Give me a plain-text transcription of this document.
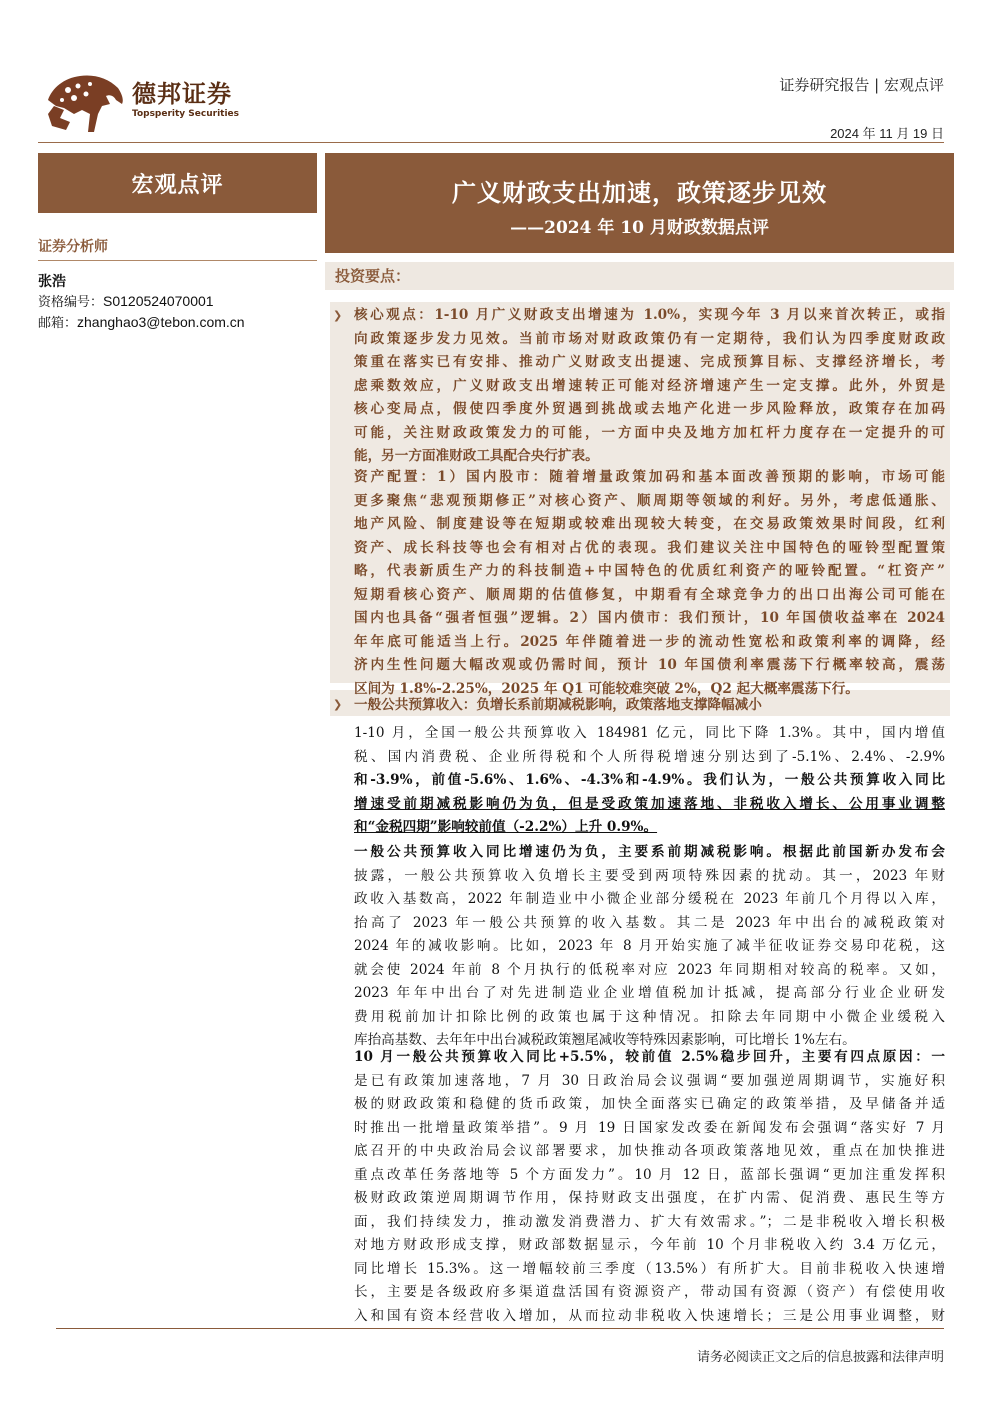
德邦证券
Topsperity Securities
证券研究报告 | 宏观点评
2024 年 11 月 19 日
宏观点评	广义财政支出加速，政策逐步见效
——2024 年 10 月财政数据点评
证券分析师
张浩
资格编号：S0120524070001
邮箱：zhanghao3@tebon.com.cn
投资要点：
❯ 核心观点：1-10 月广义财政支出增速为 1.0%，实现今年 3 月以来首次转正，或指
向政策逐步发力见效。当前市场对财政政策仍有一定期待，我们认为四季度财政政
策重在落实已有安排、推动广义财政支出提速、完成预算目标、支撑经济增长，考
虑乘数效应，广义财政支出增速转正可能对经济增速产生一定支撑。此外，外贸是
核心变局点，假使四季度外贸遇到挑战或去地产化进一步风险释放，政策存在加码
可能，关注财政政策发力的可能，一方面中央及地方加杠杆力度存在一定提升的可
能，另一方面准财政工具配合央行扩表。
资产配置：1）国内股市：随着增量政策加码和基本面改善预期的影响，市场可能
更多聚焦“悲观预期修正”对核心资产、顺周期等领域的利好。另外，考虑低通胀、
地产风险、制度建设等在短期或较难出现较大转变，在交易政策效果时间段，红利
资产、成长科技等也会有相对占优的表现。我们建议关注中国特色的哑铃型配置策
略，代表新质生产力的科技制造+中国特色的优质红利资产的哑铃配置。“杠资产”
短期看核心资产、顺周期的估值修复，中期看有全球竞争力的出口出海公司可能在
国内也具备“强者恒强”逻辑。2）国内债市：我们预计，10 年国债收益率在 2024
年年底可能适当上行。2025 年伴随着进一步的流动性宽松和政策利率的调降，经
济内生性问题大幅改观或仍需时间，预计 10 年国债利率震荡下行概率较高，震荡
区间为 1.8%-2.25%，2025 年 Q1 可能较难突破 2%，Q2 起大概率震荡下行。
❯ 一般公共预算收入：负增长系前期减税影响，政策落地支撑降幅减小
1-10 月，全国一般公共预算收入 184981 亿元，同比下降 1.3%。其中，国内增值
税、国内消费税、企业所得税和个人所得税增速分别达到了-5.1%、2.4%、-2.9%
和-3.9%，前值-5.6%、1.6%、-4.3%和-4.9%。我们认为，一般公共预算收入同比
增速受前期减税影响仍为负，但是受政策加速落地、非税收入增长、公用事业调整
和“金税四期”影响较前值（-2.2%）上升 0.9%。
一般公共预算收入同比增速仍为负，主要系前期减税影响。根据此前国新办发布会
披露，一般公共预算收入负增长主要受到两项特殊因素的扰动。其一，2023 年财
政收入基数高，2022 年制造业中小微企业部分缓税在 2023 年前几个月得以入库，
抬高了 2023 年一般公共预算的收入基数。其二是 2023 年中出台的减税政策对
2024 年的减收影响。比如，2023 年 8 月开始实施了减半征收证券交易印花税，这
就会使 2024 年前 8 个月执行的低税率对应 2023 年同期相对较高的税率。又如，
2023 年年中出台了对先进制造业企业增值税加计抵减，提高部分行业企业研发
费用税前加计扣除比例的政策也属于这种情况。扣除去年同期中小微企业缓税入
库抬高基数、去年年中出台减税政策翘尾减收等特殊因素影响，可比增长 1%左右。
10 月一般公共预算收入同比+5.5%，较前值 2.5%稳步回升，主要有四点原因：一
是已有政策加速落地，7 月 30 日政治局会议强调“要加强逆周期调节，实施好积
极的财政政策和稳健的货币政策，加快全面落实已确定的政策举措，及早储备并适
时推出一批增量政策举措”。9 月 19 日国家发改委在新闻发布会强调“落实好 7 月
底召开的中央政治局会议部署要求，加快推动各项政策落地见效，重点在加快推进
重点改革任务落地等 5 个方面发力”。10 月 12 日，蓝部长强调“更加注重发挥积
极财政政策逆周期调节作用，保持财政支出强度，在扩内需、促消费、惠民生等方
面，我们持续发力，推动激发消费潜力、扩大有效需求。”；二是非税收入增长积极
对地方财政形成支撑，财政部数据显示，今年前 10 个月非税收入约 3.4 万亿元，
同比增长 15.3%。这一增幅较前三季度（13.5%）有所扩大。目前非税收入快速增
长，主要是各级政府多渠道盘活国有资源资产，带动国有资源（资产）有偿使用收
入和国有资本经营收入增加，从而拉动非税收入快速增长；三是公用事业调整，财
请务必阅读正文之后的信息披露和法律声明
